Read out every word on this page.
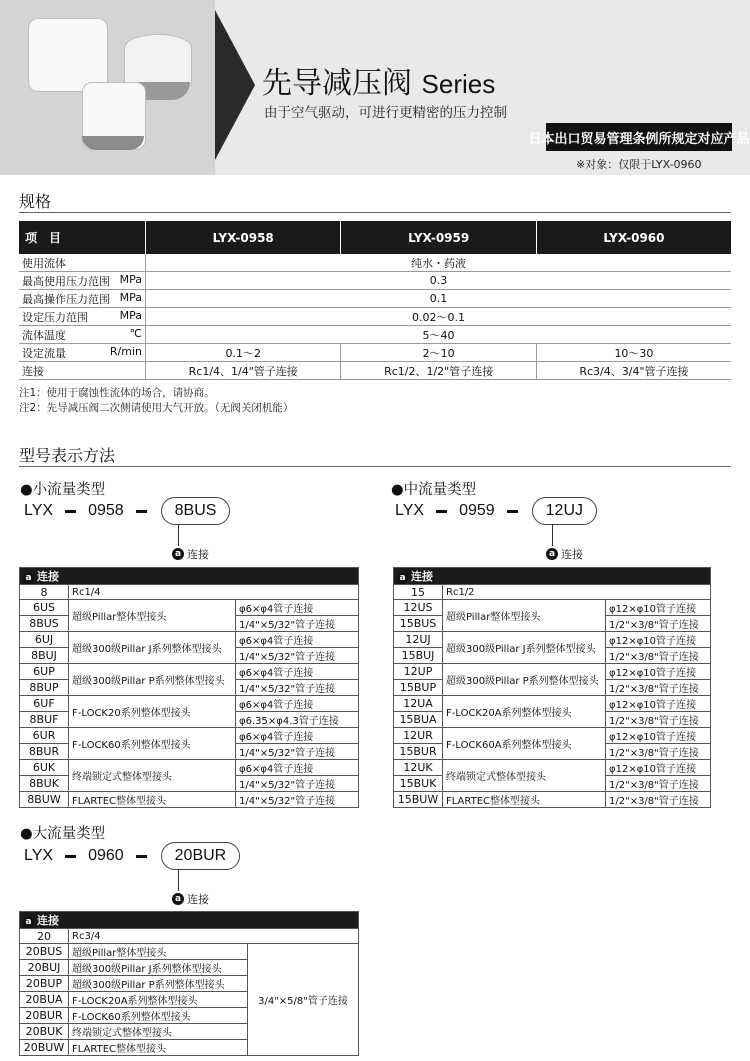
先导减压阀 Series
由于空气驱动，可进行更精密的压力控制
日本出口贸易管理条例所规定对应产品
※对象：仅限于LYX-0960
规格
项　目	LYX-0958	LYX-0959	LYX-0960

使用流体	纯水・药液		

最高使用压力范围 MPa	0.3		

最高操作压力范围 MPa	0.1		

设定压力范围 MPa	0.02～0.1		

流体温度 ℃	5～40		

设定流量 R/min	0.1～2	2～10	10～30

连接	Rc1/4、1/4"管子连接	Rc1/2、1/2"管子连接	Rc3/4、3/4"管子连接
注1：使用于腐蚀性流体的场合，请协商。
注2：先导减压阀二次侧请使用大气开放。（无阀关闭机能）
型号表示方法
●小流量类型
LYX 0958	8BUS
a 连接
a 连接		
8	Rc1/4	
6US	超级Pillar整体型接头	φ6×φ4管子连接
8BUS		1/4"×5/32"管子连接
6UJ	超级300级Pillar J系列整体型接头	φ6×φ4管子连接
8BUJ		1/4"×5/32"管子连接
6UP	超级300级Pillar P系列整体型接头	φ6×φ4管子连接
8BUP		1/4"×5/32"管子连接
6UF	F-LOCK20系列整体型接头	φ6×φ4管子连接
8BUF		φ6.35×φ4.3管子连接
6UR	F-LOCK60系列整体型接头	φ6×φ4管子连接
8BUR		1/4"×5/32"管子连接
6UK	终端锁定式整体型接头	φ6×φ4管子连接
8BUK		1/4"×5/32"管子连接
8BUW	FLARTEC整体型接头	1/4"×5/32"管子连接
●中流量类型
LYX 0959	12UJ
a 连接
a 连接		
15	Rc1/2	
12US	超级Pillar整体型接头	φ12×φ10管子连接
15BUS		1/2"×3/8"管子连接
12UJ	超级300级Pillar J系列整体型接头	φ12×φ10管子连接
15BUJ		1/2"×3/8"管子连接
12UP	超级300级Pillar P系列整体型接头	φ12×φ10管子连接
15BUP		1/2"×3/8"管子连接
12UA	F-LOCK20A系列整体型接头	φ12×φ10管子连接
15BUA		1/2"×3/8"管子连接
12UR	F-LOCK60A系列整体型接头	φ12×φ10管子连接
15BUR		1/2"×3/8"管子连接
12UK	终端锁定式整体型接头	φ12×φ10管子连接
15BUK		1/2"×3/8"管子连接
15BUW	FLARTEC整体型接头	1/2"×3/8"管子连接
●大流量类型
LYX 0960	20BUR
a 连接
a 连接		
20	Rc3/4	
20BUS	超级Pillar整体型接头	3/4"×5/8"管子连接
20BUJ	超级300级Pillar J系列整体型接头	
20BUP	超级300级Pillar P系列整体型接头	
20BUA	F-LOCK20A系列整体型接头	
20BUR	F-LOCK60系列整体型接头	
20BUK	终端锁定式整体型接头	
20BUW	FLARTEC整体型接头	
